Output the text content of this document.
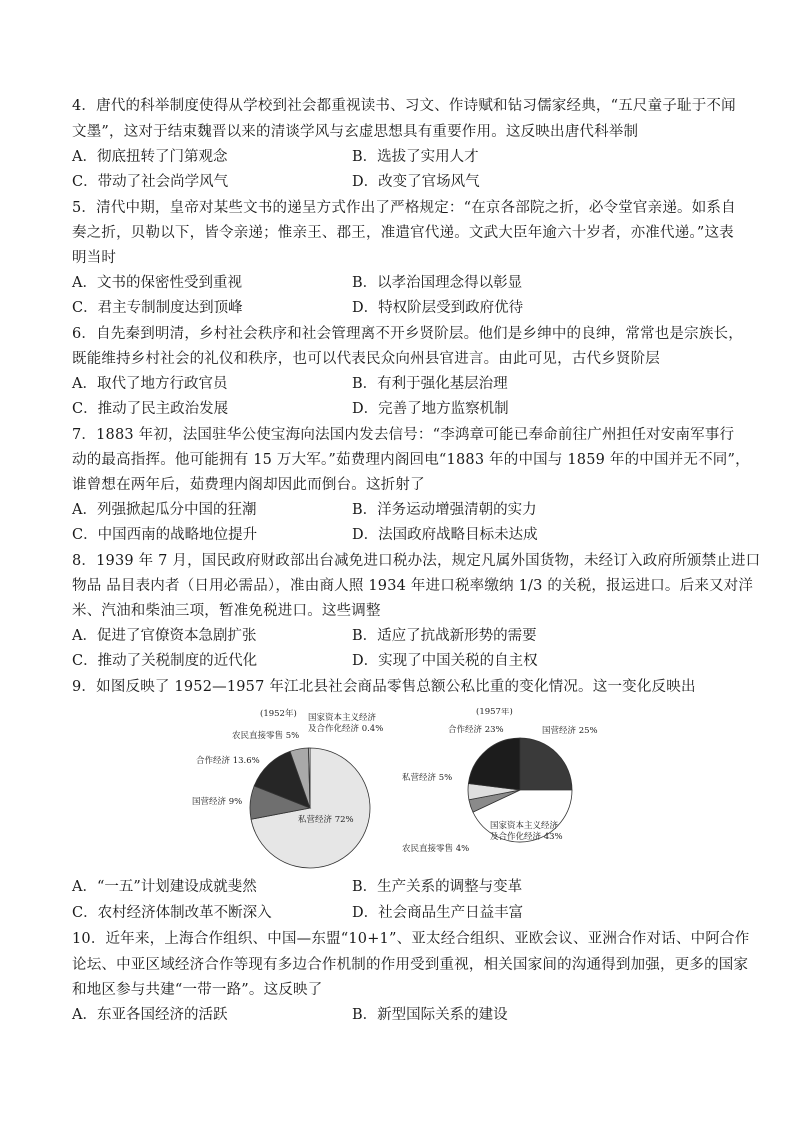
4．唐代的科举制度使得从学校到社会都重视读书、习文、作诗赋和钻习儒家经典，“五尺童子耻于不闻
文墨”，这对于结束魏晋以来的清谈学风与玄虚思想具有重要作用。这反映出唐代科举制
A．彻底扭转了门第观念	B．选拔了实用人才
C．带动了社会尚学风气	D．改变了官场风气
5．清代中期，皇帝对某些文书的递呈方式作出了严格规定：“在京各部院之折，必令堂官亲递。如系自
奏之折，贝勒以下，皆令亲递；惟亲王、郡王，准遣官代递。文武大臣年逾六十岁者，亦准代递。”这表
明当时
A．文书的保密性受到重视	B．以孝治国理念得以彰显
C．君主专制制度达到顶峰	D．特权阶层受到政府优待
6．自先秦到明清，乡村社会秩序和社会管理离不开乡贤阶层。他们是乡绅中的良绅，常常也是宗族长，
既能维持乡村社会的礼仪和秩序，也可以代表民众向州县官进言。由此可见，古代乡贤阶层
A．取代了地方行政官员	B．有利于强化基层治理
C．推动了民主政治发展	D．完善了地方监察机制
7．1883 年初，法国驻华公使宝海向法国内发去信号：“李鸿章可能已奉命前往广州担任对安南军事行
动的最高指挥。他可能拥有 15 万大军。”茹费理内阁回电“1883 年的中国与 1859 年的中国并无不同”，
谁曾想在两年后，茹费理内阁却因此而倒台。这折射了
A．列强掀起瓜分中国的狂潮	B．洋务运动增强清朝的实力
C．中国西南的战略地位提升	D．法国政府战略目标未达成
8．1939 年 7 月，国民政府财政部出台减免进口税办法，规定凡属外国货物，未经订入政府所颁禁止进口
物品 品目表内者（日用必需品），准由商人照 1934 年进口税率缴纳 1/3 的关税，报运进口。后来又对洋
米、汽油和柴油三项，暂准免税进口。这些调整
A．促进了官僚资本急剧扩张	B．适应了抗战新形势的需要
C．推动了关税制度的近代化	D．实现了中国关税的自主权
9．如图反映了 1952—1957 年江北县社会商品零售总额公私比重的变化情况。这一变化反映出
(1952年)
私营经济 72%
国营经济 9%
合作经济 13.6%
农民直接零售 5%
国家资本主义经济
及合作化经济 0.4%
(1957年)
国营经济 25%
国家资本主义经济
及合作化经济 43%
农民直接零售 4%
私营经济 5%
合作经济 23%
A．“一五”计划建设成就斐然	B．生产关系的调整与变革
C．农村经济体制改革不断深入	D．社会商品生产日益丰富
10．近年来，上海合作组织、中国—东盟“10+1”、亚太经合组织、亚欧会议、亚洲合作对话、中阿合作
论坛、中亚区域经济合作等现有多边合作机制的作用受到重视，相关国家间的沟通得到加强，更多的国家
和地区参与共建“一带一路”。这反映了
A．东亚各国经济的活跃	B．新型国际关系的建设
